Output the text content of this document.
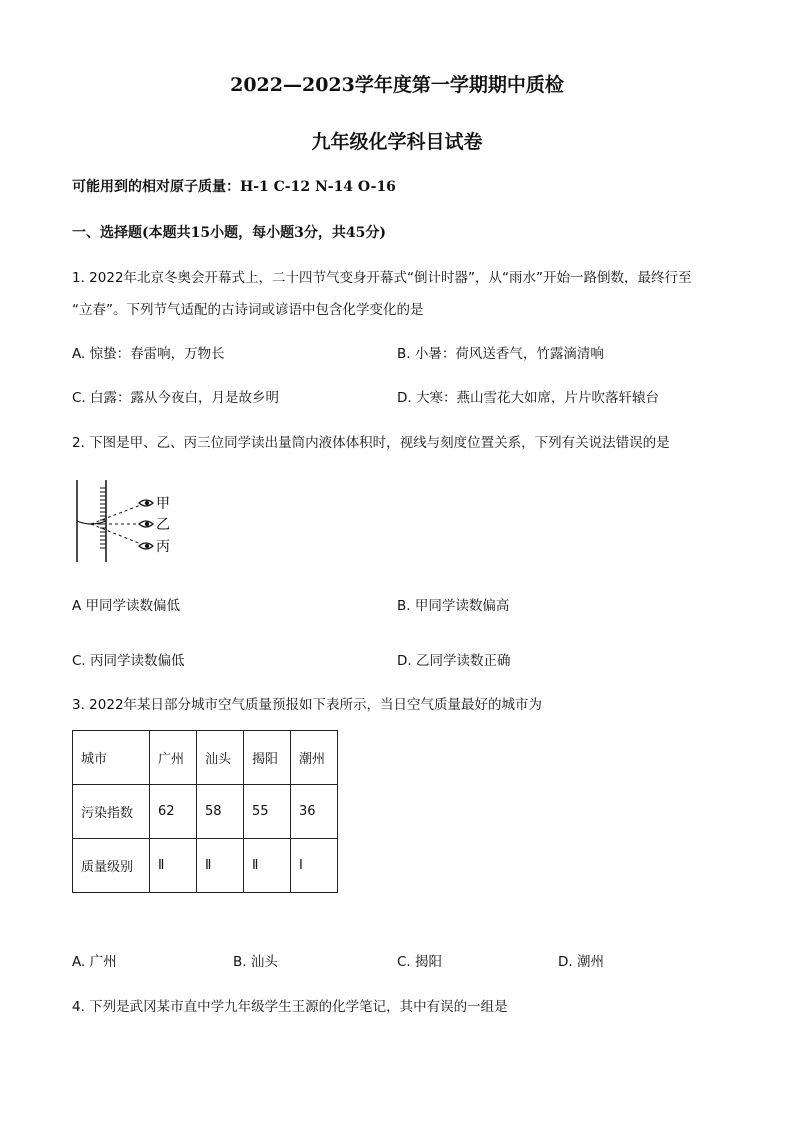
2022—2023学年度第一学期期中质检
九年级化学科目试卷
可能用到的相对原子质量：H-1 C-12 N-14 O-16
一、选择题(本题共15小题，每小题3分，共45分)
1. 2022年北京冬奥会开幕式上，二十四节气变身开幕式“倒计时器”，从“雨水”开始一路倒数，最终行至
“立春”。下列节气适配的古诗词或谚语中包含化学变化的是
A. 惊蛰：春雷响，万物长	B. 小暑：荷风送香气，竹露滴清响
C. 白露：露从今夜白，月是故乡明	D. 大寒：燕山雪花大如席，片片吹落轩辕台
2. 下图是甲、乙、丙三位同学读出量筒内液体体积时，视线与刻度位置关系，下列有关说法错误的是
甲
乙
丙
A 甲同学读数偏低	B. 甲同学读数偏高
C. 丙同学读数偏低	D. 乙同学读数正确
3. 2022年某日部分城市空气质量预报如下表所示，当日空气质量最好的城市为
城市	广州	汕头	揭阳	潮州
污染指数	62	58	55	36
质量级别	Ⅱ	Ⅱ	Ⅱ	Ⅰ
A. 广州	B. 汕头	C. 揭阳	D. 潮州
4. 下列是武冈某市直中学九年级学生王源的化学笔记，其中有误的一组是
